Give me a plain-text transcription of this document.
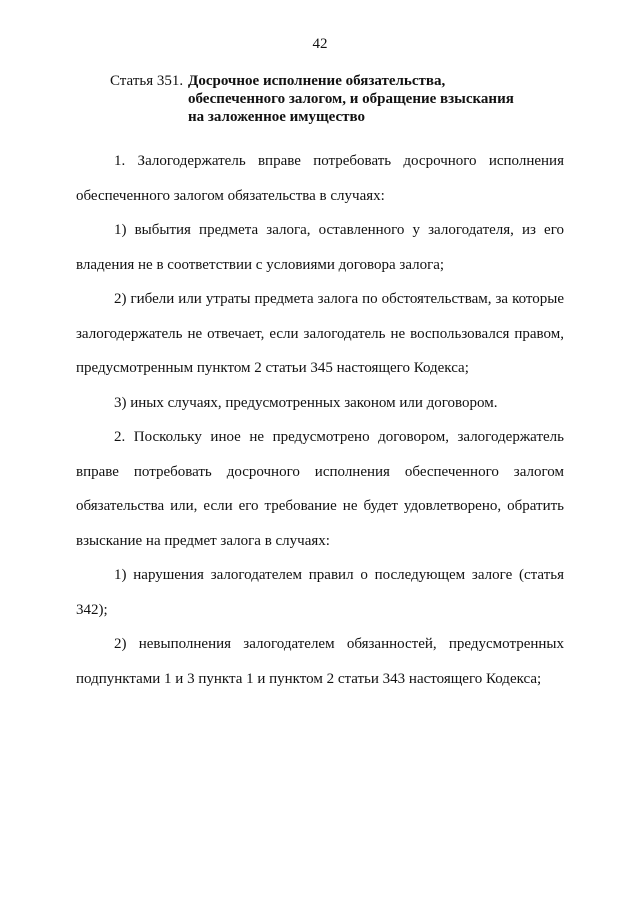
42
Статья 351. Досрочное исполнение обязательства,
обеспеченного залогом, и обращение взыскания
на заложенное имущество

1. Залогодержатель вправе потребовать досрочного исполнения обеспеченного залогом обязательства в случаях:

1) выбытия предмета залога, оставленного у залогодателя, из его владения не в соответствии с условиями договора залога;

2) гибели или утраты предмета залога по обстоятельствам, за которые залогодержатель не отвечает, если залогодатель не воспользовался правом, предусмотренным пунктом 2 статьи 345 настоящего Кодекса;

3) иных случаях, предусмотренных законом или договором.

2. Поскольку иное не предусмотрено договором, залогодержатель вправе потребовать досрочного исполнения обеспеченного залогом обязательства или, если его требование не будет удовлетворено, обратить взыскание на предмет залога в случаях:

1) нарушения залогодателем правил о последующем залоге (статья 342);

2) невыполнения залогодателем обязанностей, предусмотренных подпунктами 1 и 3 пункта 1 и пунктом 2 статьи 343 настоящего Кодекса;
